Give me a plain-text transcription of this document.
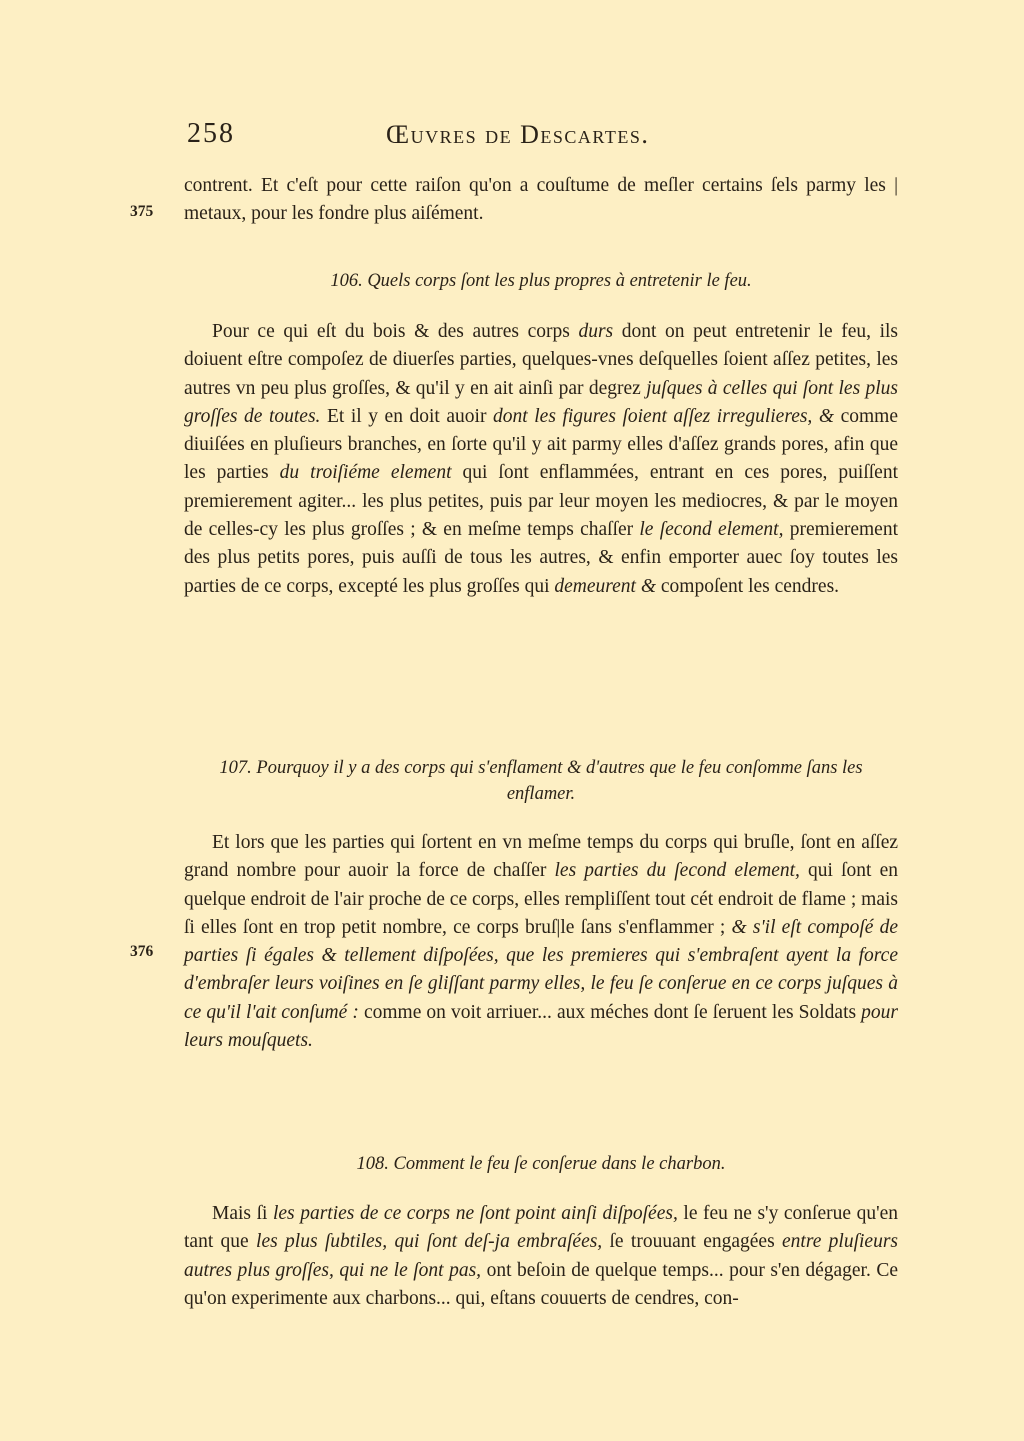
258	Œuvres de Descartes.
375
376

contrent. Et c'eſt pour cette raiſon qu'on a couſtume de meſler certains ſels parmy les | metaux, pour les fondre plus aiſément.

106. Quels corps ſont les plus propres à entretenir le feu.

Pour ce qui eſt du bois & des autres corps durs dont on peut entretenir le feu, ils doiuent eſtre compoſez de diuerſes parties, quelques-vnes deſquelles ſoient aſſez petites, les autres vn peu plus groſſes, & qu'il y en ait ainſi par degrez juſques à celles qui ſont les plus groſſes de toutes. Et il y en doit auoir dont les figures ſoient aſſez irregulieres, & comme diuiſées en pluſieurs branches, en ſorte qu'il y ait parmy elles d'aſſez grands pores, afin que les parties du troiſiéme element qui ſont enflammées, entrant en ces pores, puiſſent premierement agiter... les plus petites, puis par leur moyen les mediocres, & par le moyen de celles-cy les plus groſſes ; & en meſme temps chaſſer le ſecond element, premierement des plus petits pores, puis auſſi de tous les autres, & enfin emporter auec ſoy toutes les parties de ce corps, excepté les plus groſſes qui demeurent & compoſent les cendres.

107. Pourquoy il y a des corps qui s'enflament & d'autres que le feu conſomme ſans les enflamer.

Et lors que les parties qui ſortent en vn meſme temps du corps qui bruſle, ſont en aſſez grand nombre pour auoir la force de chaſſer les parties du ſecond element, qui ſont en quelque endroit de l'air proche de ce corps, elles rempliſſent tout cét endroit de flame ; mais ſi elles ſont en trop petit nombre, ce corps bruſ|le ſans s'enflammer ; & s'il eſt compoſé de parties ſi égales & tellement diſpoſées, que les premieres qui s'embraſent ayent la force d'embraſer leurs voiſines en ſe gliſſant parmy elles, le feu ſe conſerue en ce corps juſques à ce qu'il l'ait conſumé : comme on voit arriuer... aux méches dont ſe ſeruent les Soldats pour leurs mouſquets.

108. Comment le feu ſe conſerue dans le charbon.

Mais ſi les parties de ce corps ne ſont point ainſi diſpoſées, le feu ne s'y conſerue qu'en tant que les plus ſubtiles, qui ſont deſ-ja embraſées, ſe trouuant engagées entre pluſieurs autres plus groſſes, qui ne le ſont pas, ont beſoin de quelque temps... pour s'en dégager. Ce qu'on experimente aux charbons... qui, eſtans couuerts de cendres, con-
